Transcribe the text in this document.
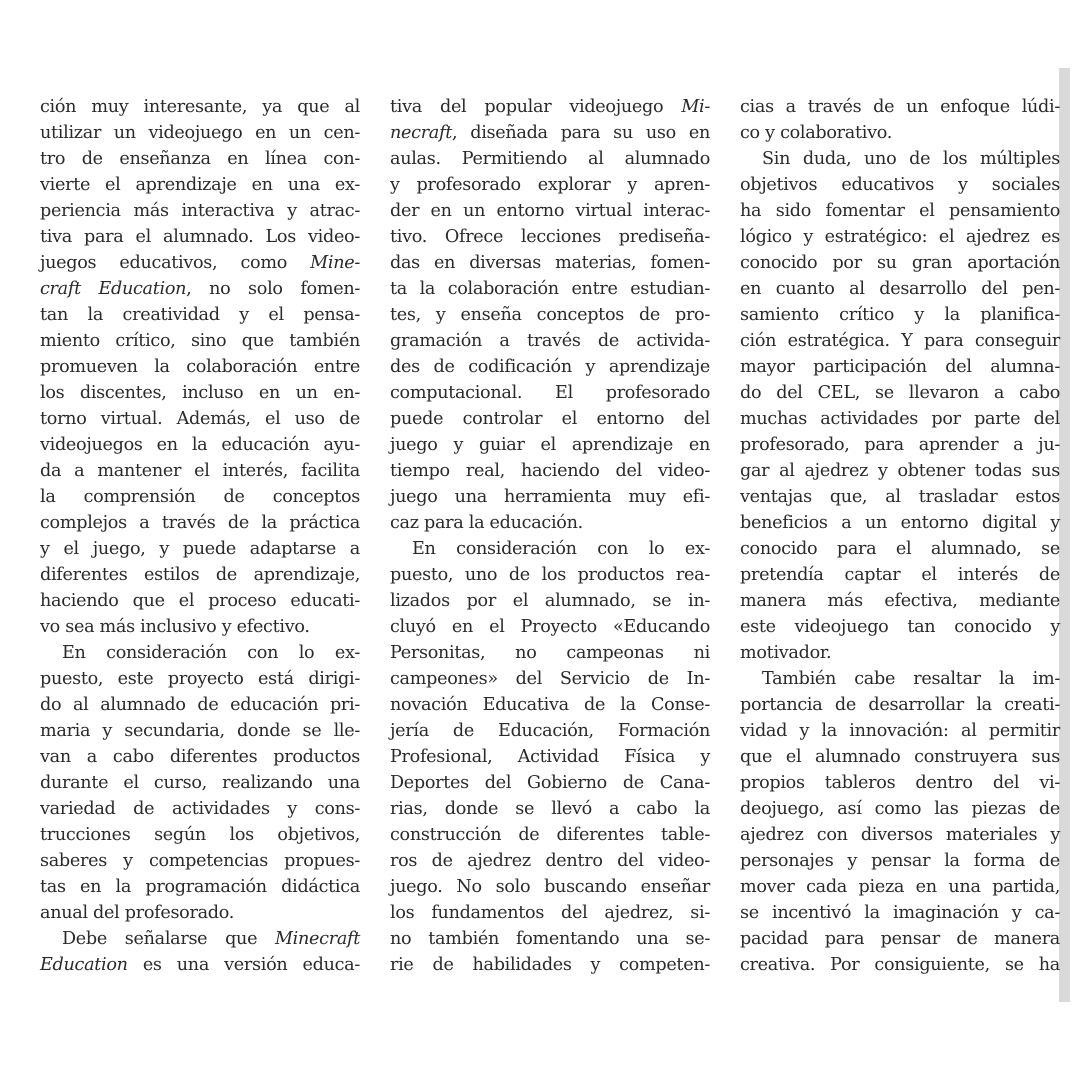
ción muy interesante, ya que al
utilizar un videojuego en un cen-
tro de enseñanza en línea con-
vierte el aprendizaje en una ex-
periencia más interactiva y atrac-
tiva para el alumnado. Los video-
juegos educativos, como Mine-
craft Education, no solo fomen-
tan la creatividad y el pensa-
miento crítico, sino que también
promueven la colaboración entre
los discentes, incluso en un en-
torno virtual. Además, el uso de
videojuegos en la educación ayu-
da a mantener el interés, facilita
la comprensión de conceptos
complejos a través de la práctica
y el juego, y puede adaptarse a
diferentes estilos de aprendizaje,
haciendo que el proceso educati-
vo sea más inclusivo y efectivo.
En consideración con lo ex-
puesto, este proyecto está dirigi-
do al alumnado de educación pri-
maria y secundaria, donde se lle-
van a cabo diferentes productos
durante el curso, realizando una
variedad de actividades y cons-
trucciones según los objetivos,
saberes y competencias propues-
tas en la programación didáctica
anual del profesorado.
Debe señalarse que Minecraft
Education es una versión educa-
tiva del popular videojuego Mi-
necraft, diseñada para su uso en
aulas. Permitiendo al alumnado
y profesorado explorar y apren-
der en un entorno virtual interac-
tivo. Ofrece lecciones prediseña-
das en diversas materias, fomen-
ta la colaboración entre estudian-
tes, y enseña conceptos de pro-
gramación a través de activida-
des de codificación y aprendizaje
computacional. El profesorado
puede controlar el entorno del
juego y guiar el aprendizaje en
tiempo real, haciendo del video-
juego una herramienta muy efi-
caz para la educación.
En consideración con lo ex-
puesto, uno de los productos rea-
lizados por el alumnado, se in-
cluyó en el Proyecto «Educando
Personitas, no campeonas ni
campeones» del Servicio de In-
novación Educativa de la Conse-
jería de Educación, Formación
Profesional, Actividad Física y
Deportes del Gobierno de Cana-
rias, donde se llevó a cabo la
construcción de diferentes table-
ros de ajedrez dentro del video-
juego. No solo buscando enseñar
los fundamentos del ajedrez, si-
no también fomentando una se-
rie de habilidades y competen-
cias a través de un enfoque lúdi-
co y colaborativo.
Sin duda, uno de los múltiples
objetivos educativos y sociales
ha sido fomentar el pensamiento
lógico y estratégico: el ajedrez es
conocido por su gran aportación
en cuanto al desarrollo del pen-
samiento crítico y la planifica-
ción estratégica. Y para conseguir
mayor participación del alumna-
do del CEL, se llevaron a cabo
muchas actividades por parte del
profesorado, para aprender a ju-
gar al ajedrez y obtener todas sus
ventajas que, al trasladar estos
beneficios a un entorno digital y
conocido para el alumnado, se
pretendía captar el interés de
manera más efectiva, mediante
este videojuego tan conocido y
motivador.
También cabe resaltar la im-
portancia de desarrollar la creati-
vidad y la innovación: al permitir
que el alumnado construyera sus
propios tableros dentro del vi-
deojuego, así como las piezas de
ajedrez con diversos materiales y
personajes y pensar la forma de
mover cada pieza en una partida,
se incentivó la imaginación y ca-
pacidad para pensar de manera
creativa. Por consiguiente, se ha
